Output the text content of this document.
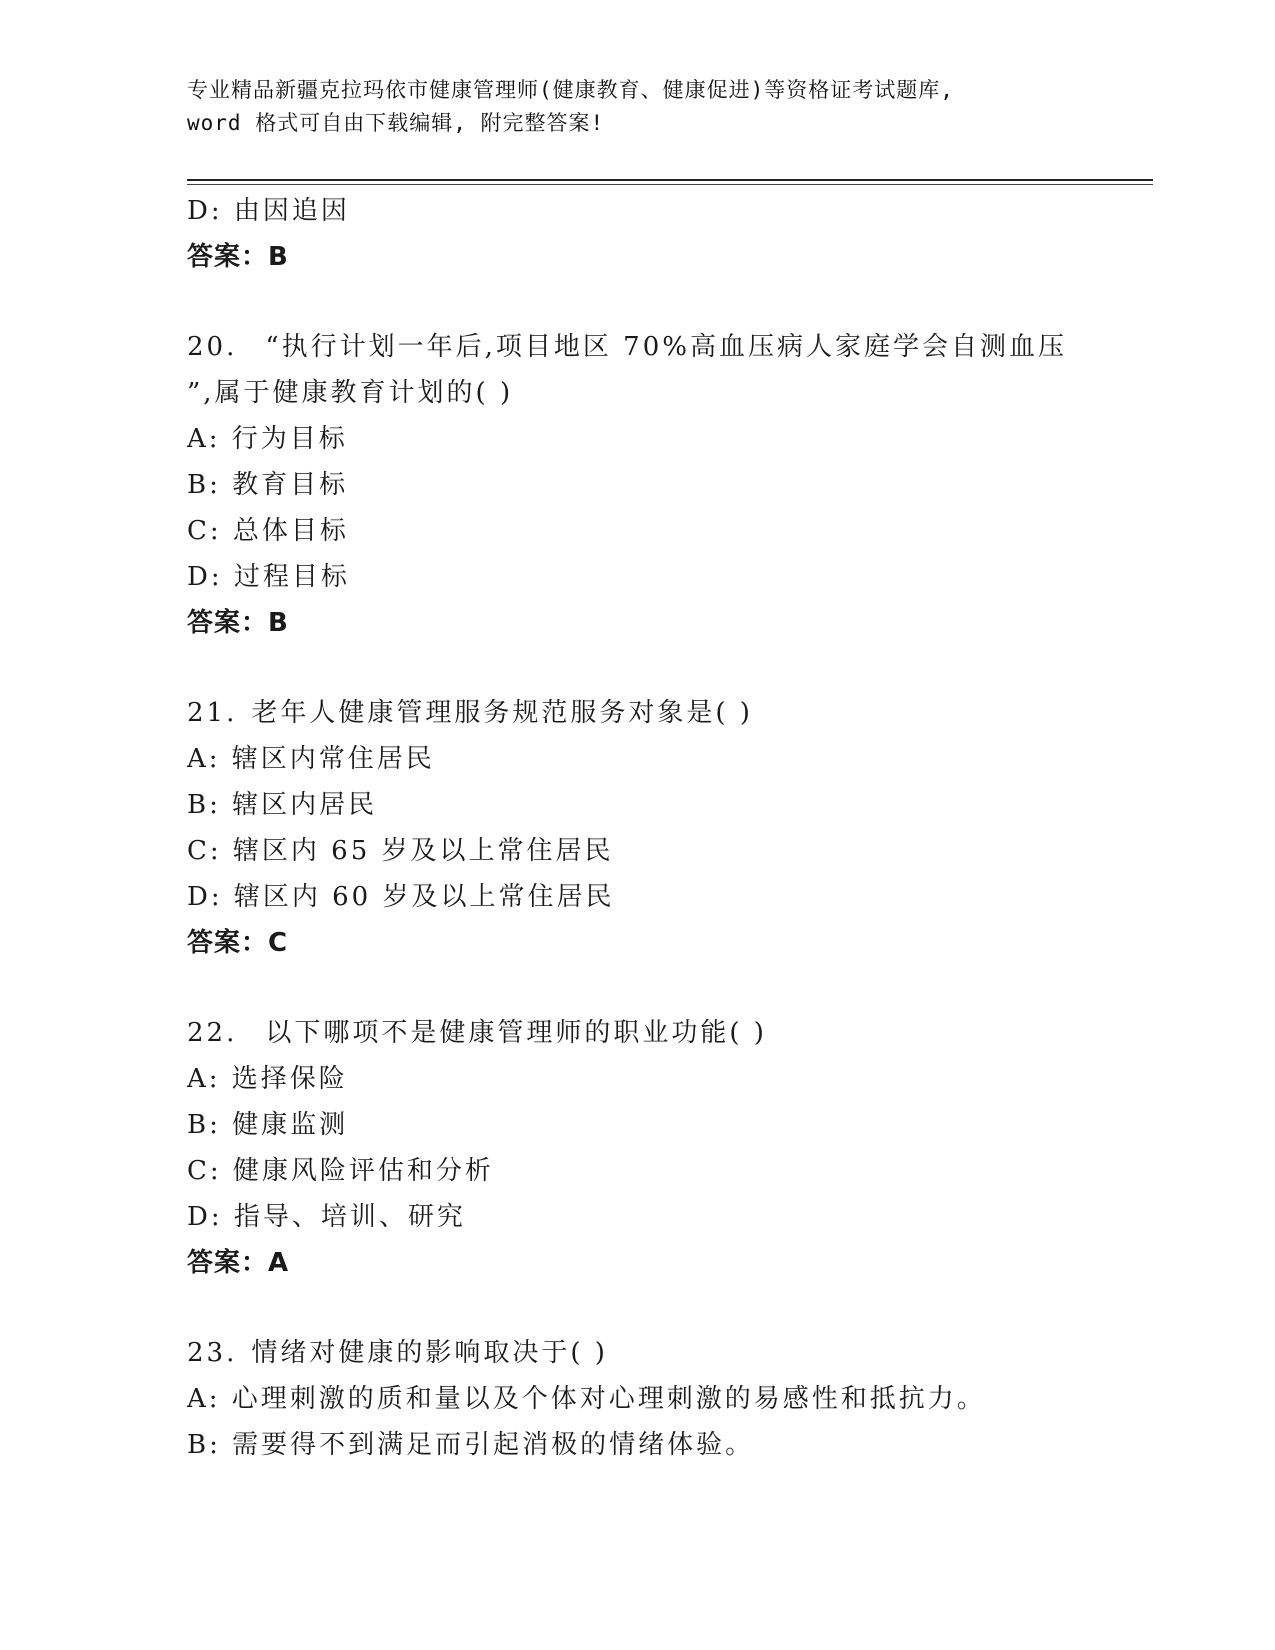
专业精品新疆克拉玛依市健康管理师(健康教育、健康促进)等资格证考试题库,
word 格式可自由下载编辑, 附完整答案!
D: 由因追因
答案：B
20. “执行计划一年后,项目地区 70%高血压病人家庭学会自测血压
”,属于健康教育计划的( )
A: 行为目标
B: 教育目标
C: 总体目标
D: 过程目标
答案：B
21. 老年人健康管理服务规范服务对象是( )
A: 辖区内常住居民
B: 辖区内居民
C: 辖区内 65 岁及以上常住居民
D: 辖区内 60 岁及以上常住居民
答案：C
22. 以下哪项不是健康管理师的职业功能( )
A: 选择保险
B: 健康监测
C: 健康风险评估和分析
D: 指导、培训、研究
答案：A
23. 情绪对健康的影响取决于( )
A: 心理刺激的质和量以及个体对心理刺激的易感性和抵抗力。
B: 需要得不到满足而引起消极的情绪体验。
